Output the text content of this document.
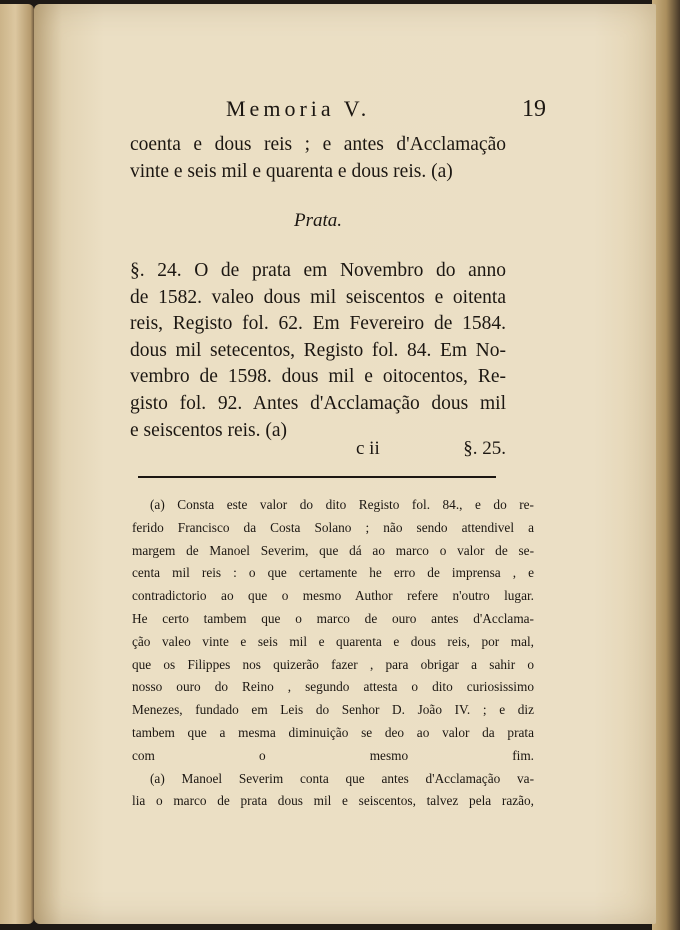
Memoria V.	19
coenta e dous reis ; e antes d'Acclamação
vinte e seis mil e quarenta e dous reis. (a)
Prata.
§. 24. O de prata em Novembro do anno
de 1582. valeo dous mil seiscentos e oitenta
reis, Registo fol. 62. Em Fevereiro de 1584.
dous mil setecentos, Registo fol. 84. Em No-
vembro de 1598. dous mil e oitocentos, Re-
gisto fol. 92. Antes d'Acclamação dous mil
e seiscentos reis. (a)
c ii	§. 25.
(a) Consta este valor do dito Registo fol. 84., e do re-
ferido Francisco da Costa Solano ; não sendo attendivel a
margem de Manoel Severim, que dá ao marco o valor de se-
centa mil reis : o que certamente he erro de imprensa , e
contradictorio ao que o mesmo Author refere n'outro lugar.
He certo tambem que o marco de ouro antes d'Acclama-
ção valeo vinte e seis mil e quarenta e dous reis, por mal,
que os Filippes nos quizerão fazer , para obrigar a sahir o
nosso ouro do Reino , segundo attesta o dito curiosissimo
Menezes, fundado em Leis do Senhor D. João IV. ; e diz
tambem que a mesma diminuição se deo ao valor da prata
com o mesmo fim.
(a) Manoel Severim conta que antes d'Acclamação va-
lia o marco de prata dous mil e seiscentos, talvez pela razão,
